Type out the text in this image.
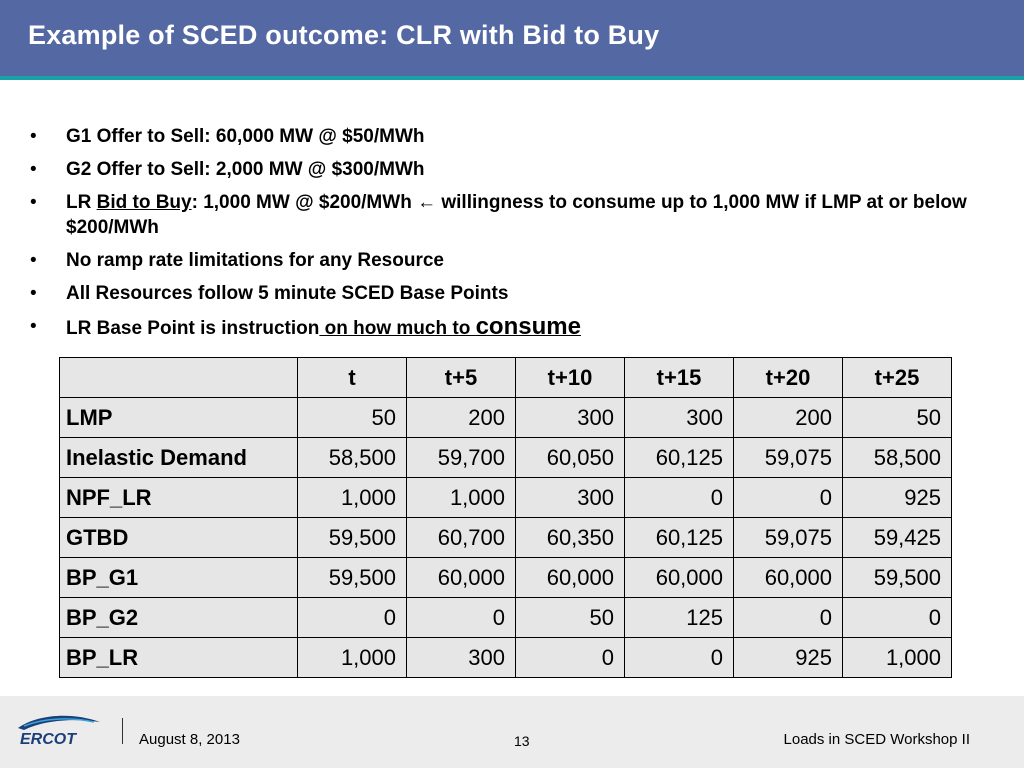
Example of SCED outcome: CLR with Bid to Buy
• G1 Offer to Sell: 60,000 MW @ $50/MWh
• G2 Offer to Sell: 2,000 MW @ $300/MWh
• LR Bid to Buy: 1,000 MW @ $200/MWh ← willingness to consume up to 1,000 MW if LMP at or below $200/MWh
• No ramp rate limitations for any Resource
• All Resources follow 5 minute SCED Base Points
• LR Base Point is instruction on how much to consume
	t	t+5	t+10	t+15	t+20	t+25
LMP	50	200	300	300	200	50
Inelastic Demand	58,500	59,700	60,050	60,125	59,075	58,500
NPF_LR	1,000	1,000	300	0	0	925
GTBD	59,500	60,700	60,350	60,125	59,075	59,425
BP_G1	59,500	60,000	60,000	60,000	60,000	59,500
BP_G2	0	0	50	125	0	0
BP_LR	1,000	300	0	0	925	1,000
ERCOT	August 8, 2013	13	Loads in SCED Workshop II
